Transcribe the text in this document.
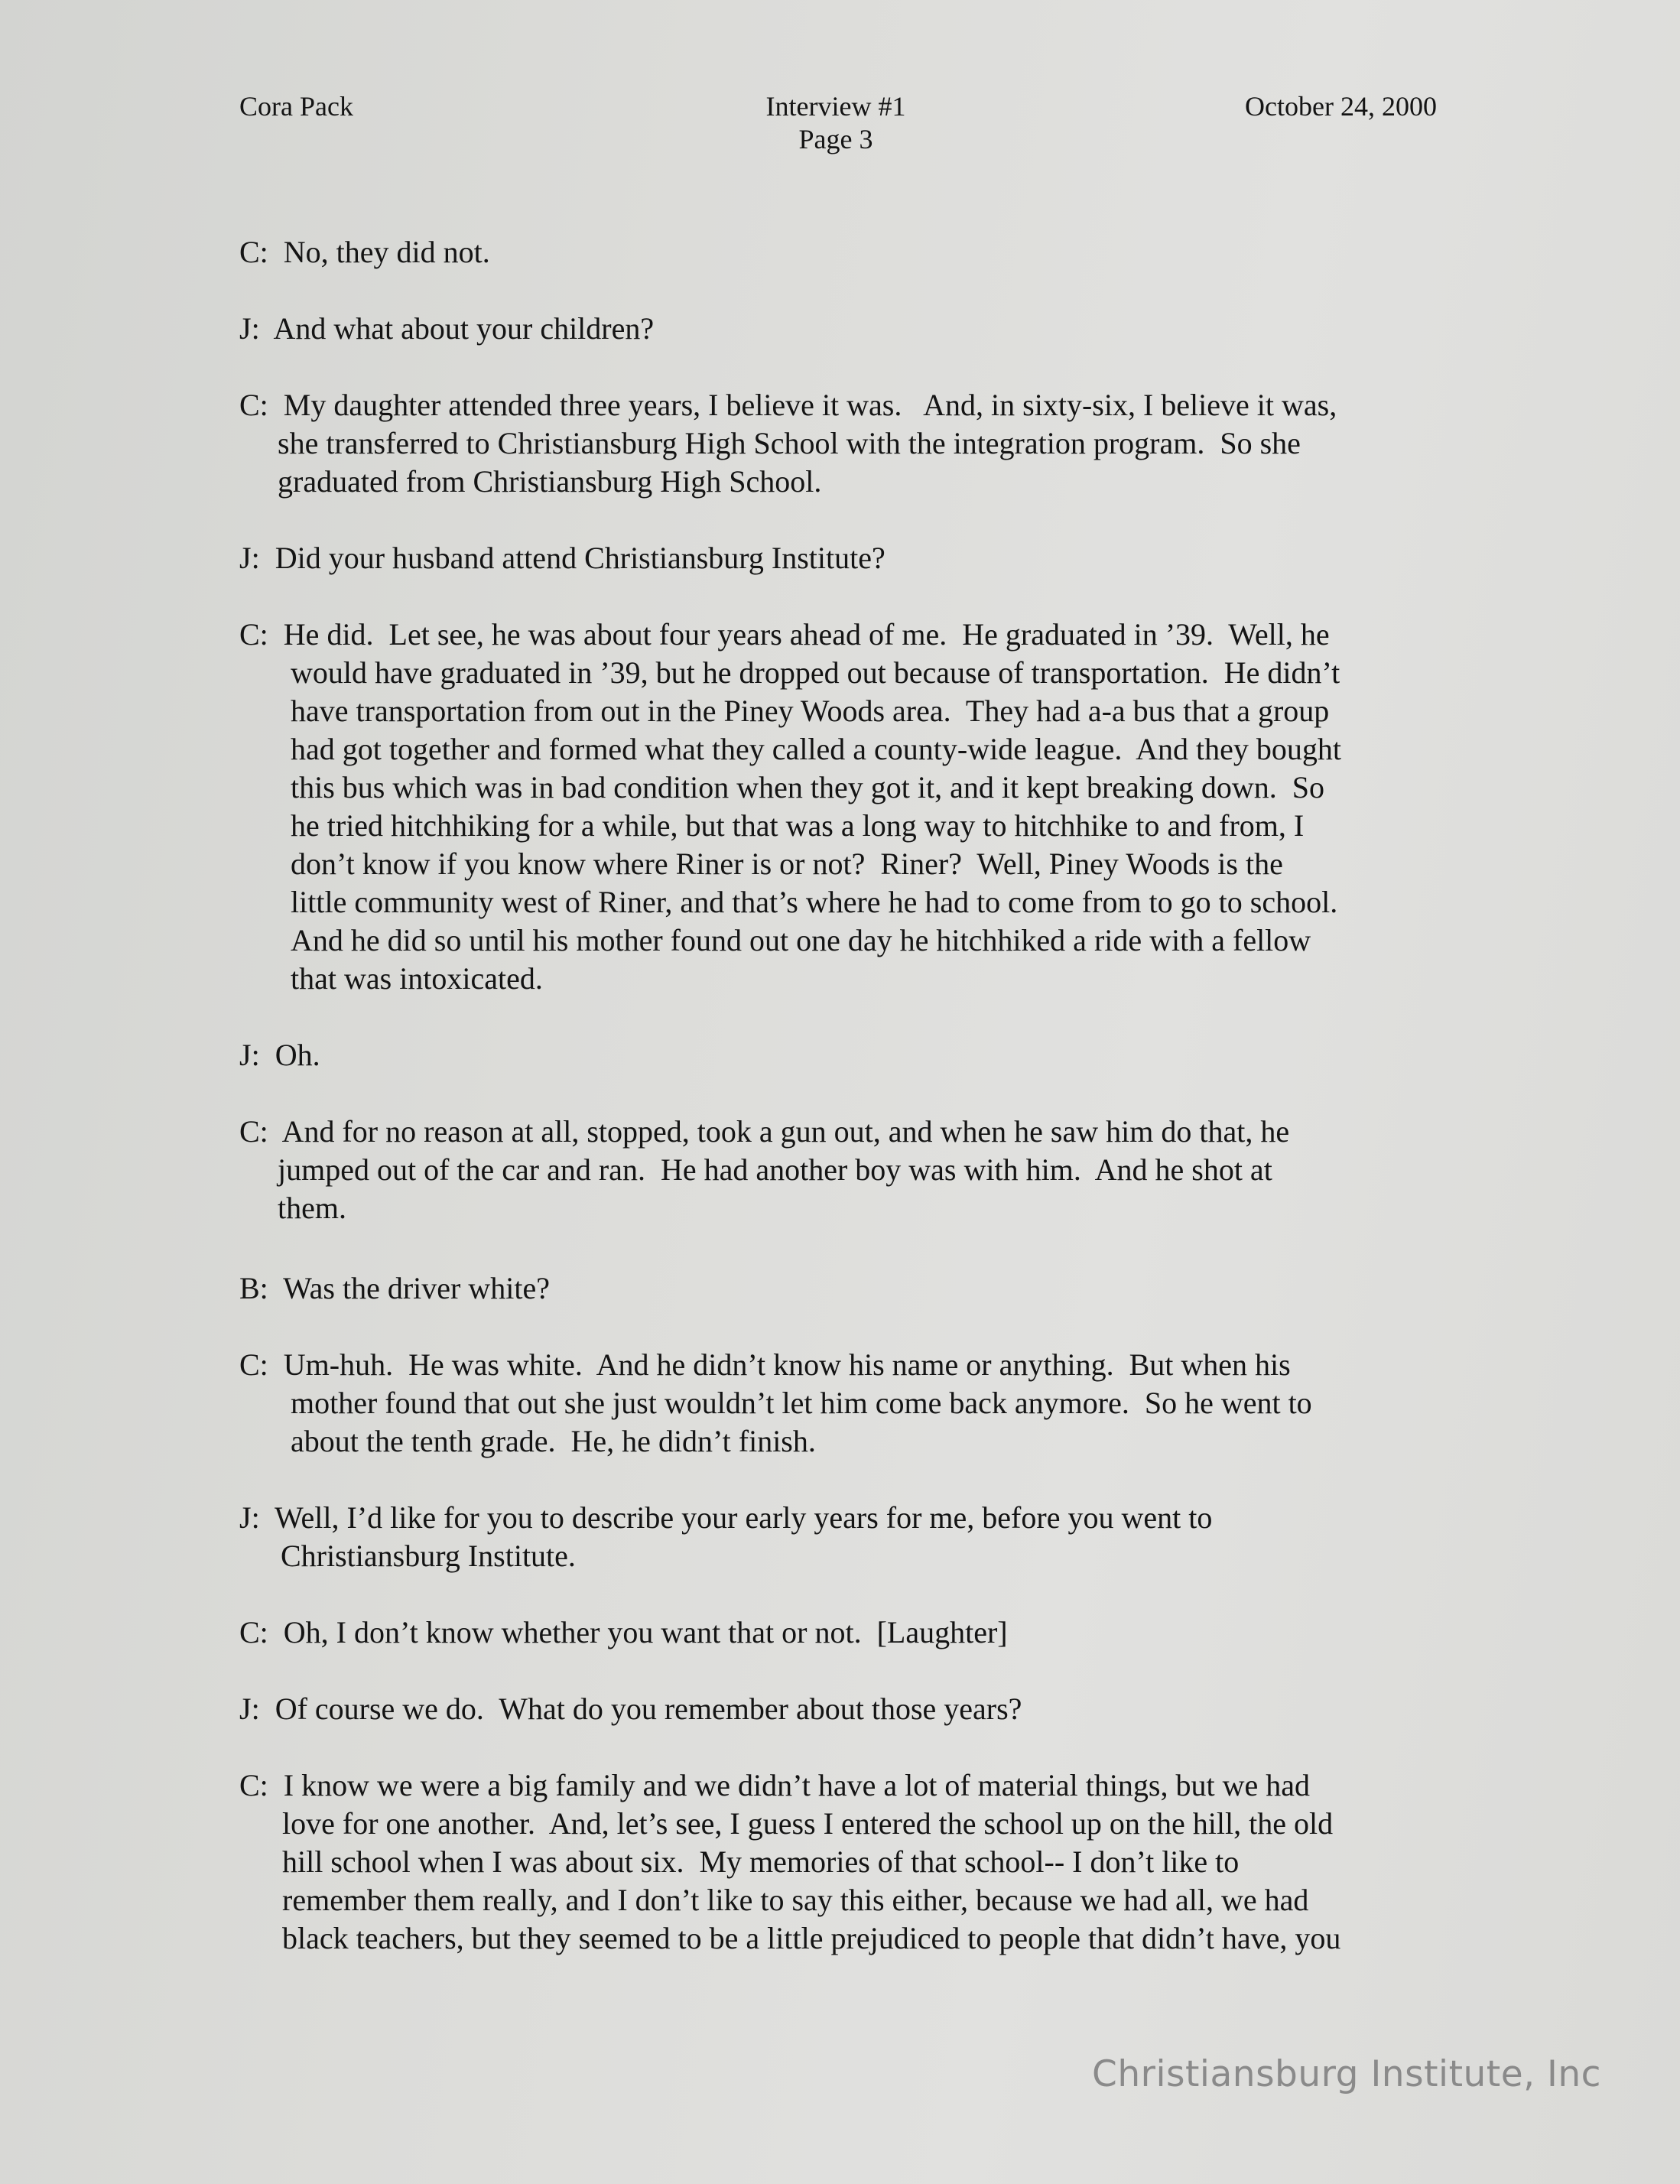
Cora Pack	Interview #1
Page 3
October 24, 2000
C: No, they did not.
J: And what about your children?
C: My daughter attended three years, I believe it was.   And, in sixty-six, I believe it was,
she transferred to Christiansburg High School with the integration program.  So she
graduated from Christiansburg High School.
J: Did your husband attend Christiansburg Institute?
C: He did.  Let see, he was about four years ahead of me.  He graduated in ’39.  Well, he
would have graduated in ’39, but he dropped out because of transportation.  He didn’t
have transportation from out in the Piney Woods area.  They had a-a bus that a group
had got together and formed what they called a county-wide league.  And they bought
this bus which was in bad condition when they got it, and it kept breaking down.  So
he tried hitchhiking for a while, but that was a long way to hitchhike to and from, I
don’t know if you know where Riner is or not?  Riner?  Well, Piney Woods is the
little community west of Riner, and that’s where he had to come from to go to school.
And he did so until his mother found out one day he hitchhiked a ride with a fellow
that was intoxicated.
J: Oh.
C: And for no reason at all, stopped, took a gun out, and when he saw him do that, he
jumped out of the car and ran.  He had another boy was with him.  And he shot at
them.
B: Was the driver white?
C: Um-huh.  He was white.  And he didn’t know his name or anything.  But when his
mother found that out she just wouldn’t let him come back anymore.  So he went to
about the tenth grade.  He, he didn’t finish.
J: Well, I’d like for you to describe your early years for me, before you went to
Christiansburg Institute.
C: Oh, I don’t know whether you want that or not.  [Laughter]
J: Of course we do.  What do you remember about those years?
C: I know we were a big family and we didn’t have a lot of material things, but we had
love for one another.  And, let’s see, I guess I entered the school up on the hill, the old
hill school when I was about six.  My memories of that school-- I don’t like to
remember them really, and I don’t like to say this either, because we had all, we had
black teachers, but they seemed to be a little prejudiced to people that didn’t have, you
Christiansburg Institute, Inc
